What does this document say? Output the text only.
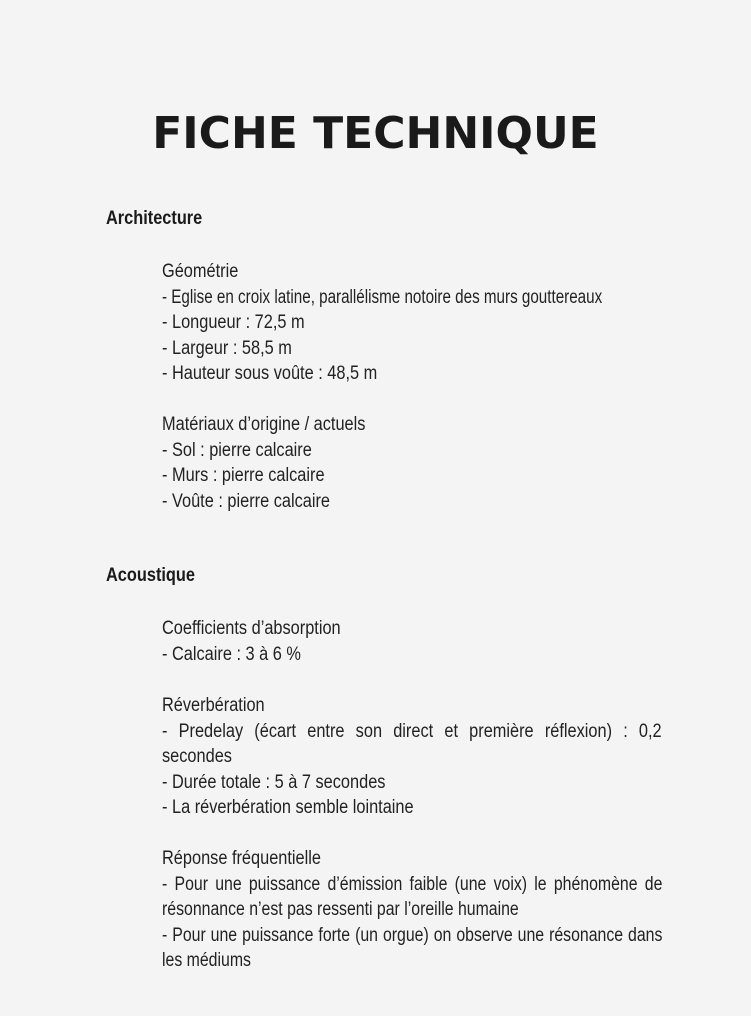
FICHE TECHNIQUE
Architecture
Géométrie
- Eglise en croix latine, parallélisme notoire des murs gouttereaux
- Longueur : 72,5 m
- Largeur : 58,5 m
- Hauteur sous voûte : 48,5 m
Matériaux d’origine / actuels
- Sol : pierre calcaire
- Murs : pierre calcaire
- Voûte : pierre calcaire
Acoustique
Coefficients d’absorption
- Calcaire : 3 à 6 %
Réverbération
- Predelay (écart entre son direct et première réflexion) : 0,2 secondes
- Durée totale : 5 à 7 secondes
- La réverbération semble lointaine
Réponse fréquentielle
- Pour une puissance d’émission faible (une voix) le phénomène de résonnance n’est pas ressenti par l’oreille humaine
- Pour une puissance forte (un orgue) on observe une résonance dans les médiums
